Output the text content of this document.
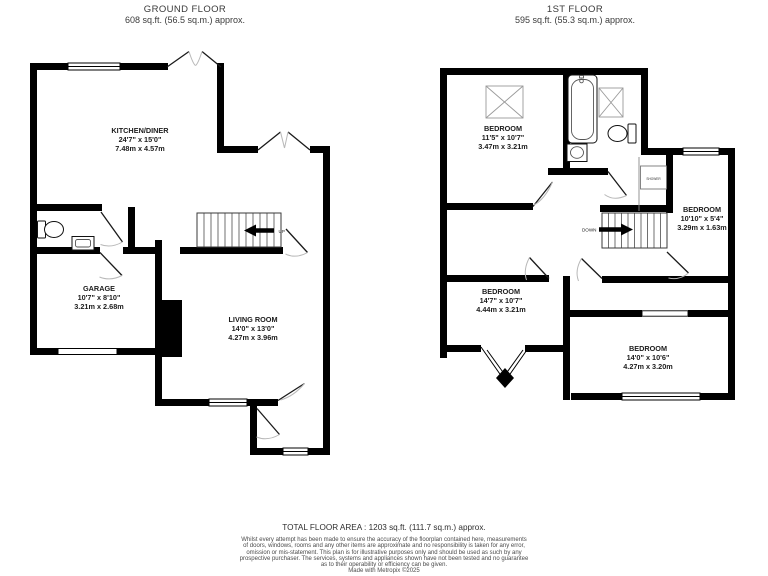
GROUND FLOOR
608 sq.ft. (56.5 sq.m.) approx.
1ST FLOOR
595 sq.ft. (55.3 sq.m.) approx.
UP
KITCHEN/DINER
24'7" x 15'0"
7.48m x 4.57m
GARAGE
10'7" x 8'10"
3.21m x 2.68m
LIVING ROOM
14'0" x 13'0"
4.27m x 3.96m
SHOWER
DOWN
BEDROOM
11'5" x 10'7"
3.47m x 3.21m
BEDROOM
10'10" x 5'4"
3.29m x 1.63m
BEDROOM
14'7" x 10'7"
4.44m x 3.21m
BEDROOM
14'0" x 10'6"
4.27m x 3.20m
TOTAL FLOOR AREA : 1203 sq.ft. (111.7 sq.m.) approx.
Whilst every attempt has been made to ensure the accuracy of the floorplan contained here, measurements
of doors, windows, rooms and any other items are approximate and no responsibility is taken for any error,
omission or mis-statement. This plan is for illustrative purposes only and should be used as such by any
prospective purchaser. The services, systems and appliances shown have not been tested and no guarantee
as to their operability or efficiency can be given.
Made with Metropix ©2025
